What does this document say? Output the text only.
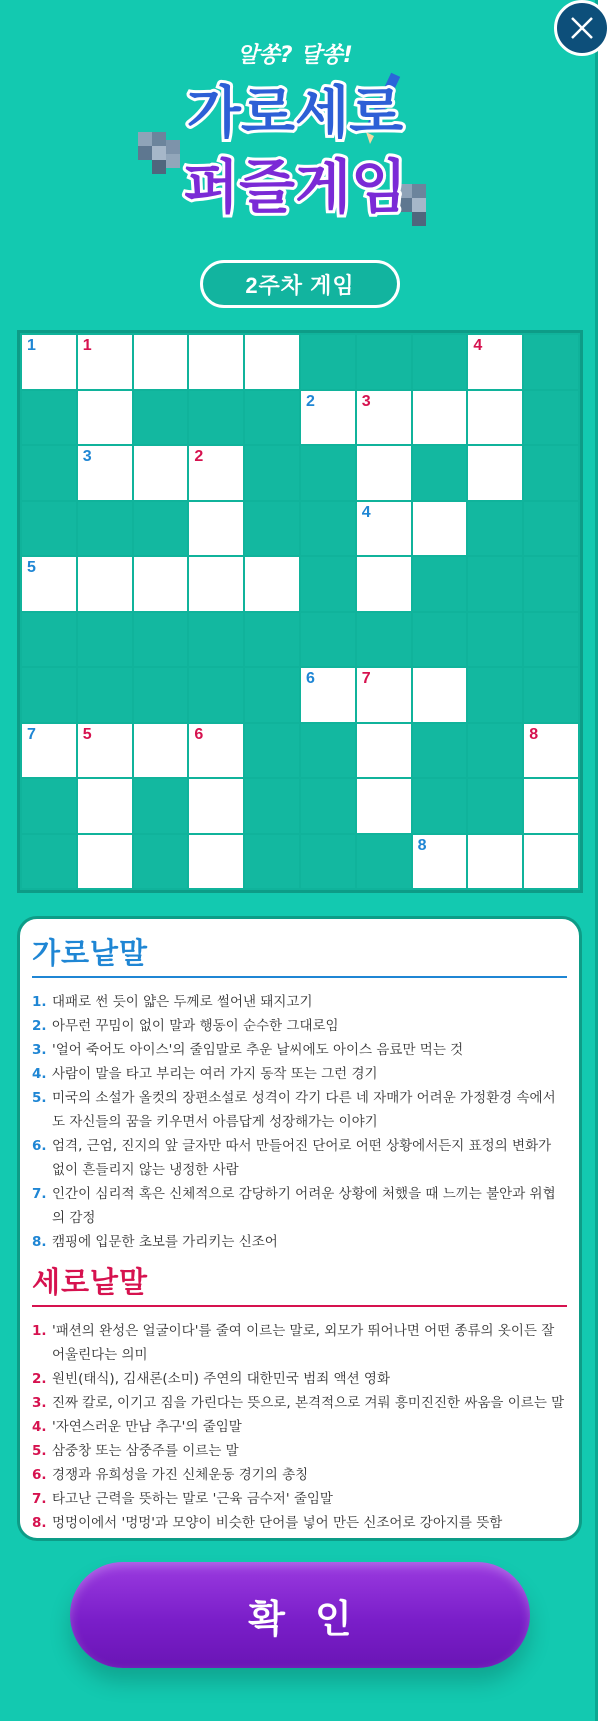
알쏭? 달쏭!
가로세로
퍼즐게임
2주차 게임
1	1	4
2	3
3	2
4
5
6	7
7	5	6	8
8
가로낱말
1. 대패로 썬 듯이 얇은 두께로 썰어낸 돼지고기
2. 아무런 꾸밈이 없이 말과 행동이 순수한 그대로임
3. '얼어 죽어도 아이스'의 줄임말로 추운 날씨에도 아이스 음료만 먹는 것
4. 사람이 말을 타고 부리는 여러 가지 동작 또는 그런 경기
5. 미국의 소설가 올컷의 장편소설로 성격이 각기 다른 네 자매가 어려운 가정환경 속에서도 자신들의 꿈을 키우면서 아름답게 성장해가는 이야기
6. 엄격, 근엄, 진지의 앞 글자만 따서 만들어진 단어로 어떤 상황에서든지 표정의 변화가 없이 흔들리지 않는 냉정한 사람
7. 인간이 심리적 혹은 신체적으로 감당하기 어려운 상황에 처했을 때 느끼는 불안과 위협의 감정
8. 캠핑에 입문한 초보를 가리키는 신조어
세로낱말
1. '패션의 완성은 얼굴이다'를 줄여 이르는 말로, 외모가 뛰어나면 어떤 종류의 옷이든 잘 어울린다는 의미
2. 원빈(태식), 김새론(소미) 주연의 대한민국 범죄 액션 영화
3. 진짜 칼로, 이기고 짐을 가린다는 뜻으로, 본격적으로 겨뤄 흥미진진한 싸움을 이르는 말
4. '자연스러운 만남 추구'의 줄임말
5. 삼중창 또는 삼중주를 이르는 말
6. 경쟁과 유희성을 가진 신체운동 경기의 총칭
7. 타고난 근력을 뜻하는 말로 '근육 금수저' 줄임말
8. 멍멍이에서 '멍멍'과 모양이 비슷한 단어를 넣어 만든 신조어로 강아지를 뜻함
확인
